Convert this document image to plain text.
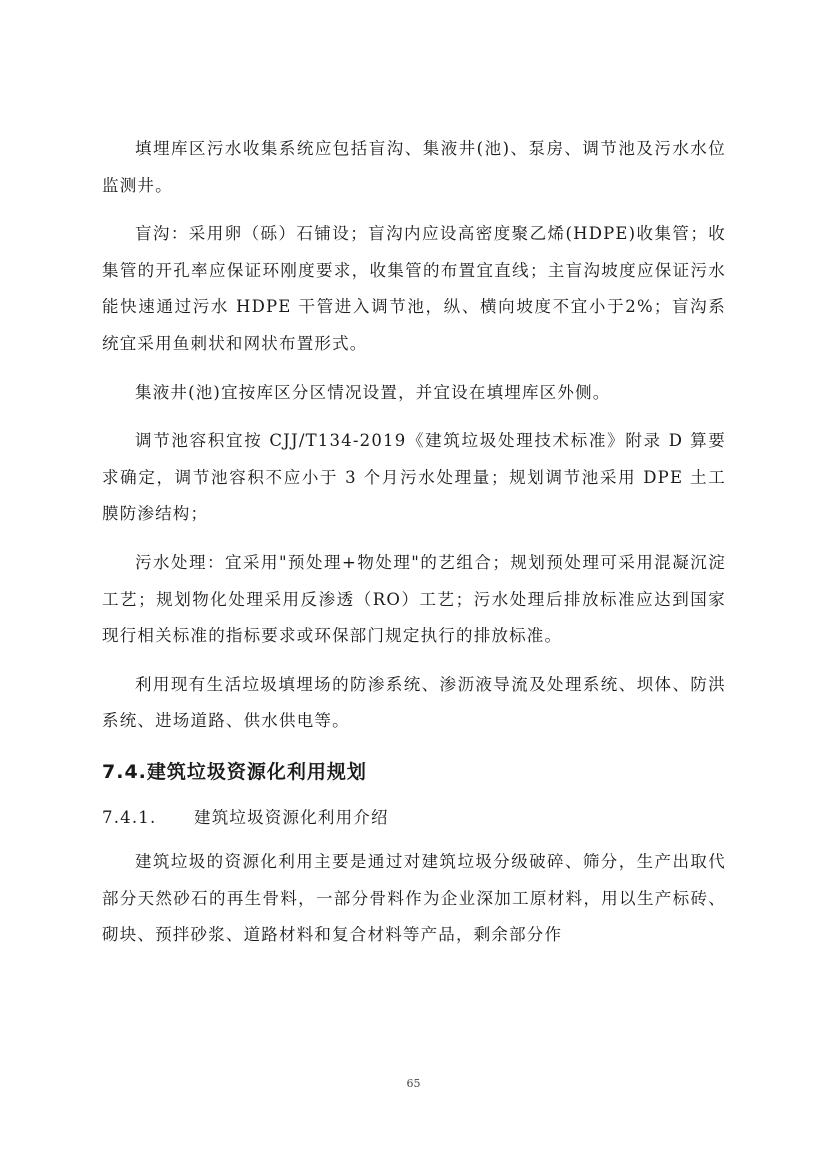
填埋库区污水收集系统应包括盲沟、集液井(池)、泵房、调节池及污水水位监测井。

盲沟：采用卵（砾）石铺设；盲沟内应设高密度聚乙烯(HDPE)收集管；收集管的开孔率应保证环刚度要求，收集管的布置宜直线；主盲沟坡度应保证污水能快速通过污水 HDPE 干管进入调节池，纵、横向坡度不宜小于2%；盲沟系统宜采用鱼刺状和网状布置形式。

集液井(池)宜按库区分区情况设置，并宜设在填埋库区外侧。

调节池容积宜按 CJJ/T134-2019《建筑垃圾处理技术标准》附录 D 算要求确定，调节池容积不应小于 3 个月污水处理量；规划调节池采用 DPE 土工膜防渗结构；

污水处理：宜采用"预处理+物处理"的艺组合；规划预处理可采用混凝沉淀工艺；规划物化处理采用反渗透（RO）工艺；污水处理后排放标准应达到国家现行相关标准的指标要求或环保部门规定执行的排放标准。

利用现有生活垃圾填埋场的防渗系统、渗沥液导流及处理系统、坝体、防洪系统、进场道路、供水供电等。

7.4.建筑垃圾资源化利用规划
7.4.1. 建筑垃圾资源化利用介绍

建筑垃圾的资源化利用主要是通过对建筑垃圾分级破碎、筛分，生产出取代部分天然砂石的再生骨料，一部分骨料作为企业深加工原材料，用以生产标砖、砌块、预拌砂浆、道路材料和复合材料等产品，剩余部分作

65
